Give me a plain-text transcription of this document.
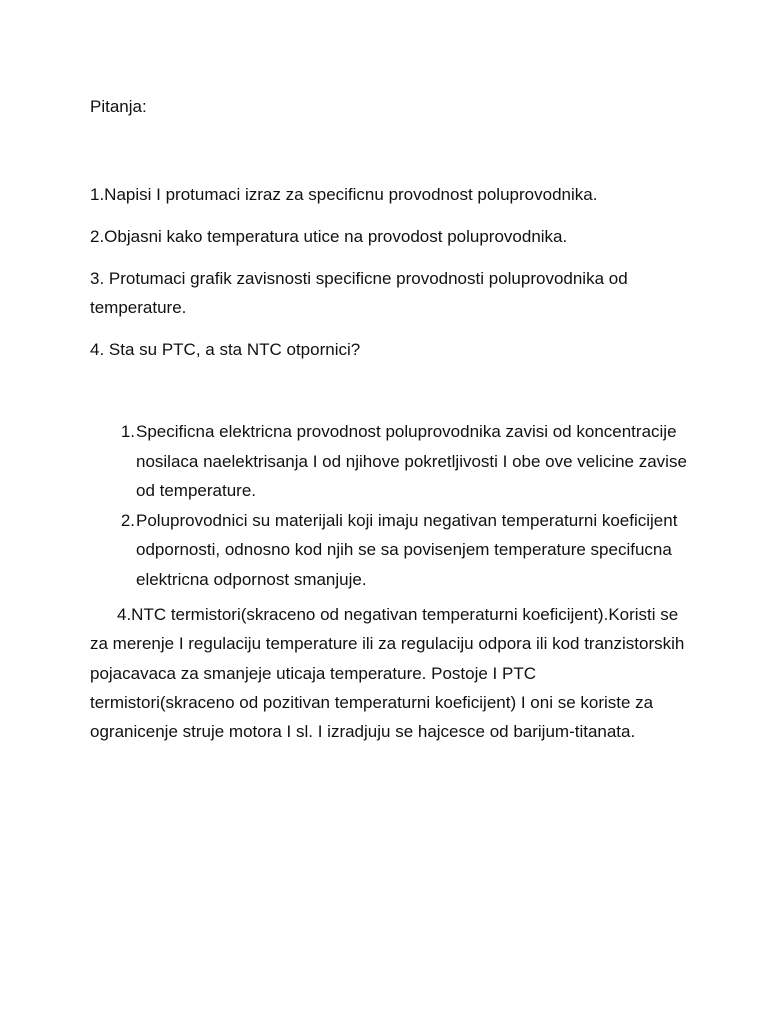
Pitanja:

1.Napisi I protumaci izraz za specificnu provodnost poluprovodnika.

2.Objasni kako temperatura utice na provodost poluprovodnika.

3. Protumaci grafik zavisnosti specificne provodnosti poluprovodnika od temperature.

4. Sta su PTC, a sta NTC otpornici?

1. Specificna elektricna provodnost poluprovodnika zavisi od koncentracije nosilaca naelektrisanja I od njihove pokretljivosti I obe ove velicine zavise od temperature.
2. Poluprovodnici su materijali koji imaju negativan temperaturni koeficijent odpornosti, odnosno kod njih se sa povisenjem temperature specifucna elektricna odpornost smanjuje.

4.NTC termistori(skraceno od negativan temperaturni koeficijent).Koristi se za merenje I regulaciju temperature ili za regulaciju odpora ili kod tranzistorskih pojacavaca za smanjeje uticaja temperature. Postoje I PTC termistori(skraceno od pozitivan temperaturni koeficijent) I oni se koriste za ogranicenje struje motora I sl. I izradjuju se hajcesce od barijum-titanata.
